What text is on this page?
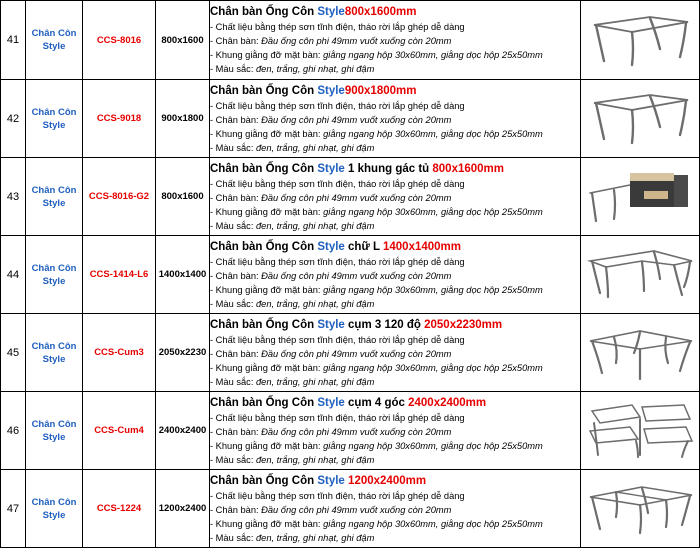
41	Chân Côn Style	CCS-8016	800x1600	Chân bàn Ống Côn Style800x1600mm
- Chất liệu bằng thép sơn tĩnh điện, tháo rời lắp ghép dễ dàng
- Chân bàn: Đầu ống côn phi 49mm vuốt xuống còn 20mm
- Khung giằng đỡ mặt bàn: giằng ngang hộp 30x60mm, giằng dọc hộp 25x50mm
- Màu sắc: đen, trắng, ghi nhạt, ghi đậm

42	Chân Côn Style	CCS-9018	900x1800	Chân bàn Ống Côn Style900x1800mm
- Chất liệu bằng thép sơn tĩnh điện, tháo rời lắp ghép dễ dàng
- Chân bàn: Đầu ống côn phi 49mm vuốt xuống còn 20mm
- Khung giằng đỡ mặt bàn: giằng ngang hộp 30x60mm, giằng dọc hộp 25x50mm
- Màu sắc: đen, trắng, ghi nhạt, ghi đậm

43	Chân Côn Style	CCS-8016-G2	800x1600	Chân bàn Ống Côn Style 1 khung gác tủ 800x1600mm
- Chất liệu bằng thép sơn tĩnh điện, tháo rời lắp ghép dễ dàng
- Chân bàn: Đầu ống côn phi 49mm vuốt xuống còn 20mm
- Khung giằng đỡ mặt bàn: giằng ngang hộp 30x60mm, giằng dọc hộp 25x50mm
- Màu sắc: đen, trắng, ghi nhạt, ghi đậm

44	Chân Côn Style	CCS-1414-L6	1400x1400	Chân bàn Ống Côn Style chữ L 1400x1400mm
- Chất liệu bằng thép sơn tĩnh điện, tháo rời lắp ghép dễ dàng
- Chân bàn: Đầu ống côn phi 49mm vuốt xuống còn 20mm
- Khung giằng đỡ mặt bàn: giằng ngang hộp 30x60mm, giằng dọc hộp 25x50mm
- Màu sắc: đen, trắng, ghi nhạt, ghi đậm

45	Chân Côn Style	CCS-Cum3	2050x2230	Chân bàn Ống Côn Style cụm 3 120 độ 2050x2230mm
- Chất liệu bằng thép sơn tĩnh điện, tháo rời lắp ghép dễ dàng
- Chân bàn: Đầu ống côn phi 49mm vuốt xuống còn 20mm
- Khung giằng đỡ mặt bàn: giằng ngang hộp 30x60mm, giằng dọc hộp 25x50mm
- Màu sắc: đen, trắng, ghi nhạt, ghi đậm

46	Chân Côn Style	CCS-Cum4	2400x2400	Chân bàn Ống Côn Style cụm 4 góc 2400x2400mm
- Chất liệu bằng thép sơn tĩnh điện, tháo rời lắp ghép dễ dàng
- Chân bàn: Đầu ống côn phi 49mm vuốt xuống còn 20mm
- Khung giằng đỡ mặt bàn: giằng ngang hộp 30x60mm, giằng dọc hộp 25x50mm
- Màu sắc: đen, trắng, ghi nhạt, ghi đậm

47	Chân Côn Style	CCS-1224	1200x2400	Chân bàn Ống Côn Style 1200x2400mm
- Chất liệu bằng thép sơn tĩnh điện, tháo rời lắp ghép dễ dàng
- Chân bàn: Đầu ống côn phi 49mm vuốt xuống còn 20mm
- Khung giằng đỡ mặt bàn: giằng ngang hộp 30x60mm, giằng dọc hộp 25x50mm
- Màu sắc: đen, trắng, ghi nhạt, ghi đậm
